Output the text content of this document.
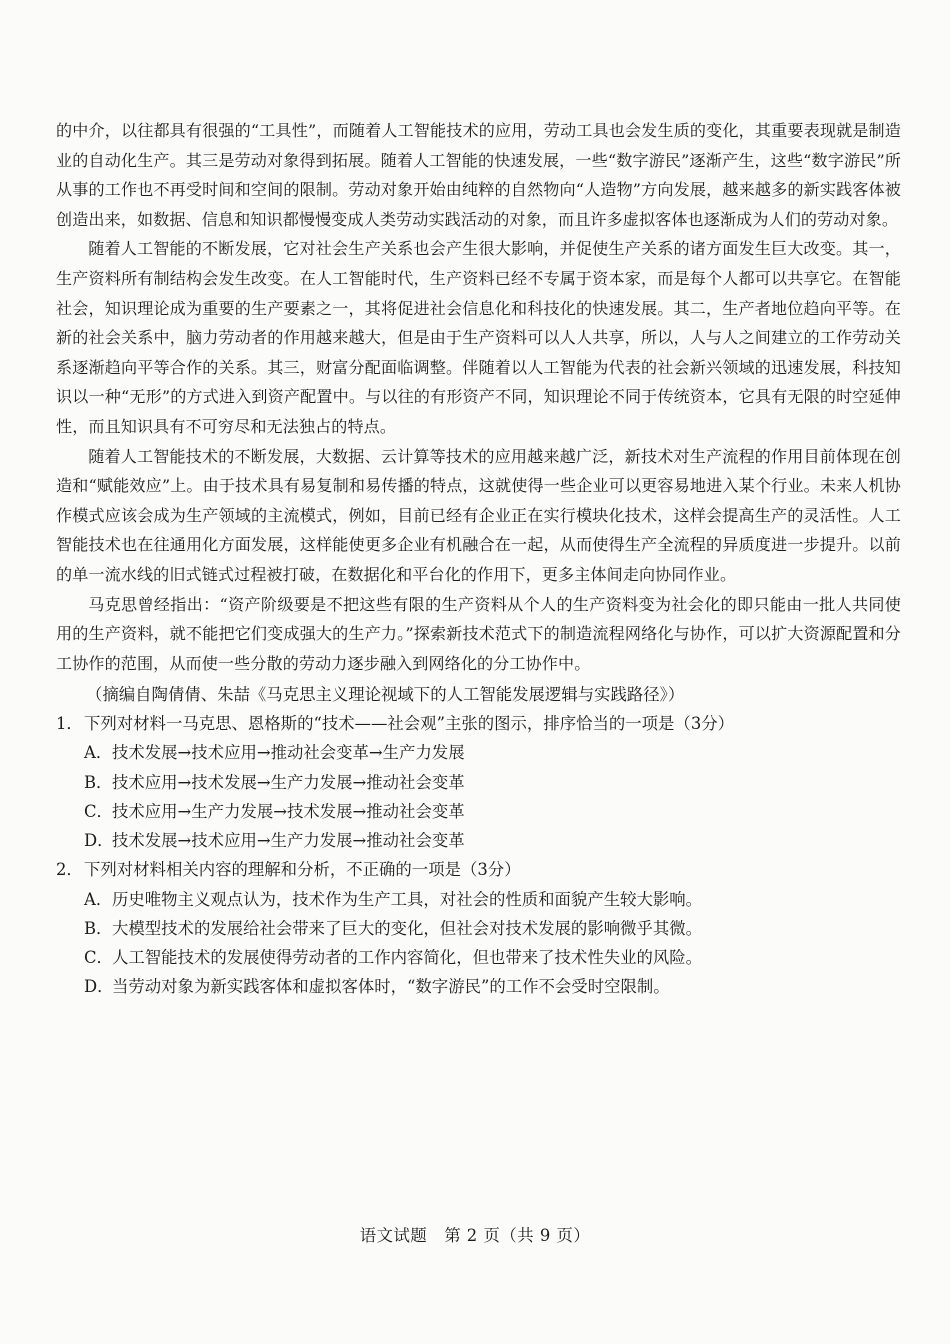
的中介，以往都具有很强的“工具性”，而随着人工智能技术的应用，劳动工具也会发生质的变化，其重要表现就是制造业的自动化生产。其三是劳动对象得到拓展。随着人工智能的快速发展，一些“数字游民”逐渐产生，这些“数字游民”所从事的工作也不再受时间和空间的限制。劳动对象开始由纯粹的自然物向“人造物”方向发展，越来越多的新实践客体被创造出来，如数据、信息和知识都慢慢变成人类劳动实践活动的对象，而且许多虚拟客体也逐渐成为人们的劳动对象。

随着人工智能的不断发展，它对社会生产关系也会产生很大影响，并促使生产关系的诸方面发生巨大改变。其一，生产资料所有制结构会发生改变。在人工智能时代，生产资料已经不专属于资本家，而是每个人都可以共享它。在智能社会，知识理论成为重要的生产要素之一，其将促进社会信息化和科技化的快速发展。其二，生产者地位趋向平等。在新的社会关系中，脑力劳动者的作用越来越大，但是由于生产资料可以人人共享，所以，人与人之间建立的工作劳动关系逐渐趋向平等合作的关系。其三，财富分配面临调整。伴随着以人工智能为代表的社会新兴领域的迅速发展，科技知识以一种“无形”的方式进入到资产配置中。与以往的有形资产不同，知识理论不同于传统资本，它具有无限的时空延伸性，而且知识具有不可穷尽和无法独占的特点。

随着人工智能技术的不断发展，大数据、云计算等技术的应用越来越广泛，新技术对生产流程的作用目前体现在创造和“赋能效应”上。由于技术具有易复制和易传播的特点，这就使得一些企业可以更容易地进入某个行业。未来人机协作模式应该会成为生产领域的主流模式，例如，目前已经有企业正在实行模块化技术，这样会提高生产的灵活性。人工智能技术也在往通用化方面发展，这样能使更多企业有机融合在一起，从而使得生产全流程的异质度进一步提升。以前的单一流水线的旧式链式过程被打破，在数据化和平台化的作用下，更多主体间走向协同作业。

马克思曾经指出：“资产阶级要是不把这些有限的生产资料从个人的生产资料变为社会化的即只能由一批人共同使用的生产资料，就不能把它们变成强大的生产力。”探索新技术范式下的制造流程网络化与协作，可以扩大资源配置和分工协作的范围，从而使一些分散的劳动力逐步融入到网络化的分工协作中。

（摘编自陶倩倩、朱喆《马克思主义理论视域下的人工智能发展逻辑与实践路径》）

1．下列对材料一马克思、恩格斯的“技术——社会观”主张的图示，排序恰当的一项是（3分）

A．技术发展→技术应用→推动社会变革→生产力发展

B．技术应用→技术发展→生产力发展→推动社会变革

C．技术应用→生产力发展→技术发展→推动社会变革

D．技术发展→技术应用→生产力发展→推动社会变革

2．下列对材料相关内容的理解和分析，不正确的一项是（3分）

A．历史唯物主义观点认为，技术作为生产工具，对社会的性质和面貌产生较大影响。

B．大模型技术的发展给社会带来了巨大的变化，但社会对技术发展的影响微乎其微。

C．人工智能技术的发展使得劳动者的工作内容简化，但也带来了技术性失业的风险。

D．当劳动对象为新实践客体和虚拟客体时，“数字游民”的工作不会受时空限制。

语文试题　第 2 页（共 9 页）
